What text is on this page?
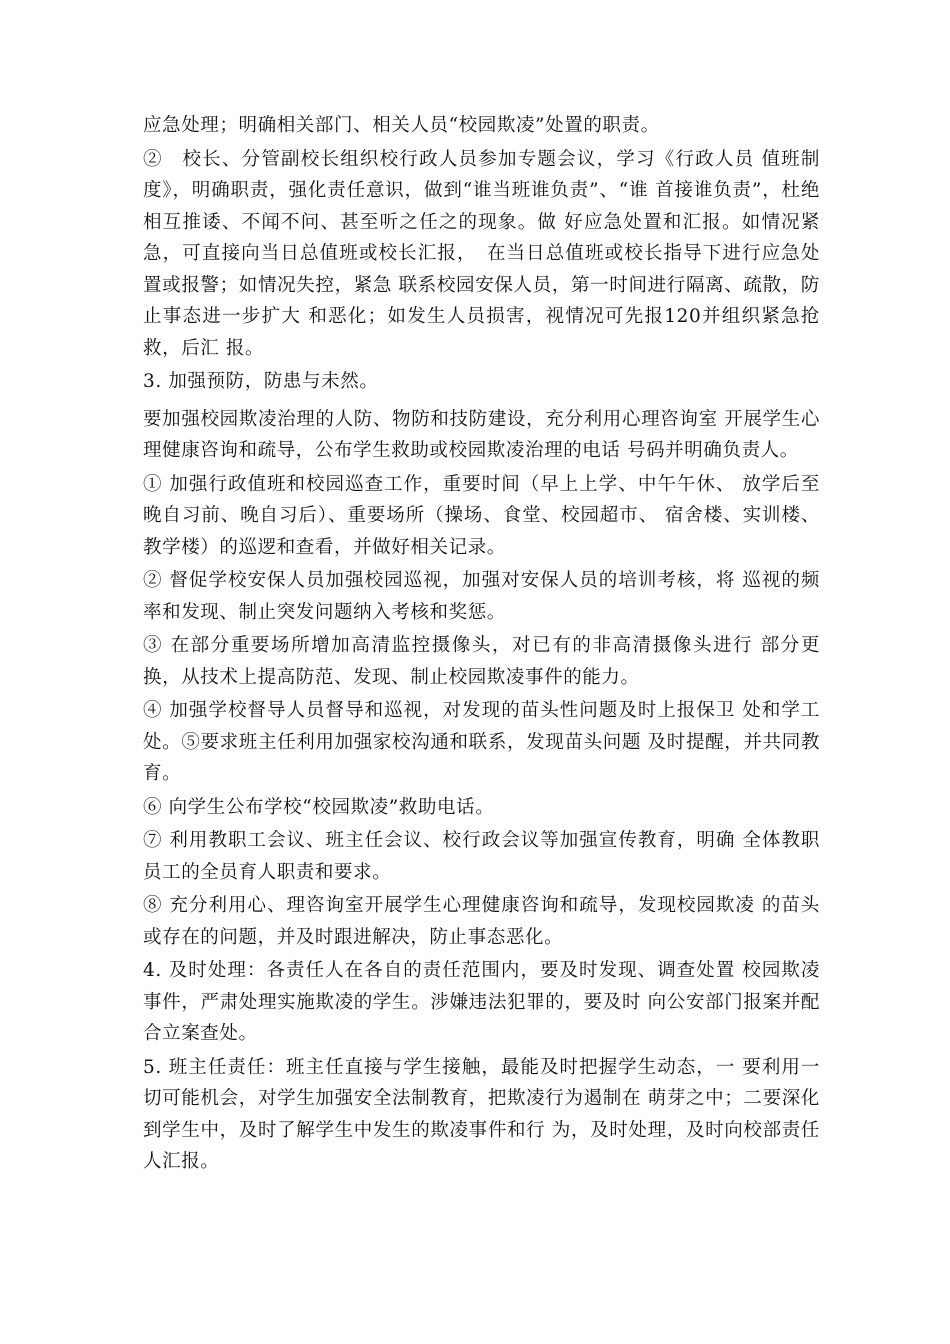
应急处理；明确相关部门、相关人员“校园欺凌”处置的职责。

②　校长、分管副校长组织校行政人员参加专题会议，学习《行政人员 值班制度》，明确职责，强化责任意识，做到“谁当班谁负责”、“谁 首接谁负责”，杜绝相互推诿、不闻不问、甚至听之任之的现象。做 好应急处置和汇报。如情况紧急，可直接向当日总值班或校长汇报，　在当日总值班或校长指导下进行应急处置或报警；如情况失控，紧急 联系校园安保人员，第一时间进行隔离、疏散，防止事态进一步扩大 和恶化；如发生人员损害，视情况可先报120并组织紧急抢救，后汇 报。

3. 加强预防，防患与未然。

要加强校园欺凌治理的人防、物防和技防建设，充分利用心理咨询室 开展学生心理健康咨询和疏导，公布学生救助或校园欺凌治理的电话 号码并明确负责人。

① 加强行政值班和校园巡查工作，重要时间（早上上学、中午午休、 放学后至晚自习前、晚自习后）、重要场所（操场、食堂、校园超市、 宿舍楼、实训楼、教学楼）的巡逻和查看，并做好相关记录。

② 督促学校安保人员加强校园巡视，加强对安保人员的培训考核，将 巡视的频率和发现、制止突发问题纳入考核和奖惩。

③ 在部分重要场所增加高清监控摄像头，对已有的非高清摄像头进行 部分更换，从技术上提高防范、发现、制止校园欺凌事件的能力。

④ 加强学校督导人员督导和巡视，对发现的苗头性问题及时上报保卫 处和学工处。⑤要求班主任利用加强家校沟通和联系，发现苗头问题 及时提醒，并共同教育。

⑥ 向学生公布学校“校园欺凌”救助电话。

⑦ 利用教职工会议、班主任会议、校行政会议等加强宣传教育，明确 全体教职员工的全员育人职责和要求。

⑧ 充分利用心、理咨询室开展学生心理健康咨询和疏导，发现校园欺凌 的苗头或存在的问题，并及时跟进解决，防止事态恶化。

4. 及时处理：各责任人在各自的责任范围内，要及时发现、调查处置 校园欺凌事件，严肃处理实施欺凌的学生。涉嫌违法犯罪的，要及时 向公安部门报案并配合立案查处。

5. 班主任责任：班主任直接与学生接触，最能及时把握学生动态，一 要利用一切可能机会，对学生加强安全法制教育，把欺凌行为遏制在 萌芽之中；二要深化到学生中，及时了解学生中发生的欺凌事件和行 为，及时处理，及时向校部责任人汇报。
